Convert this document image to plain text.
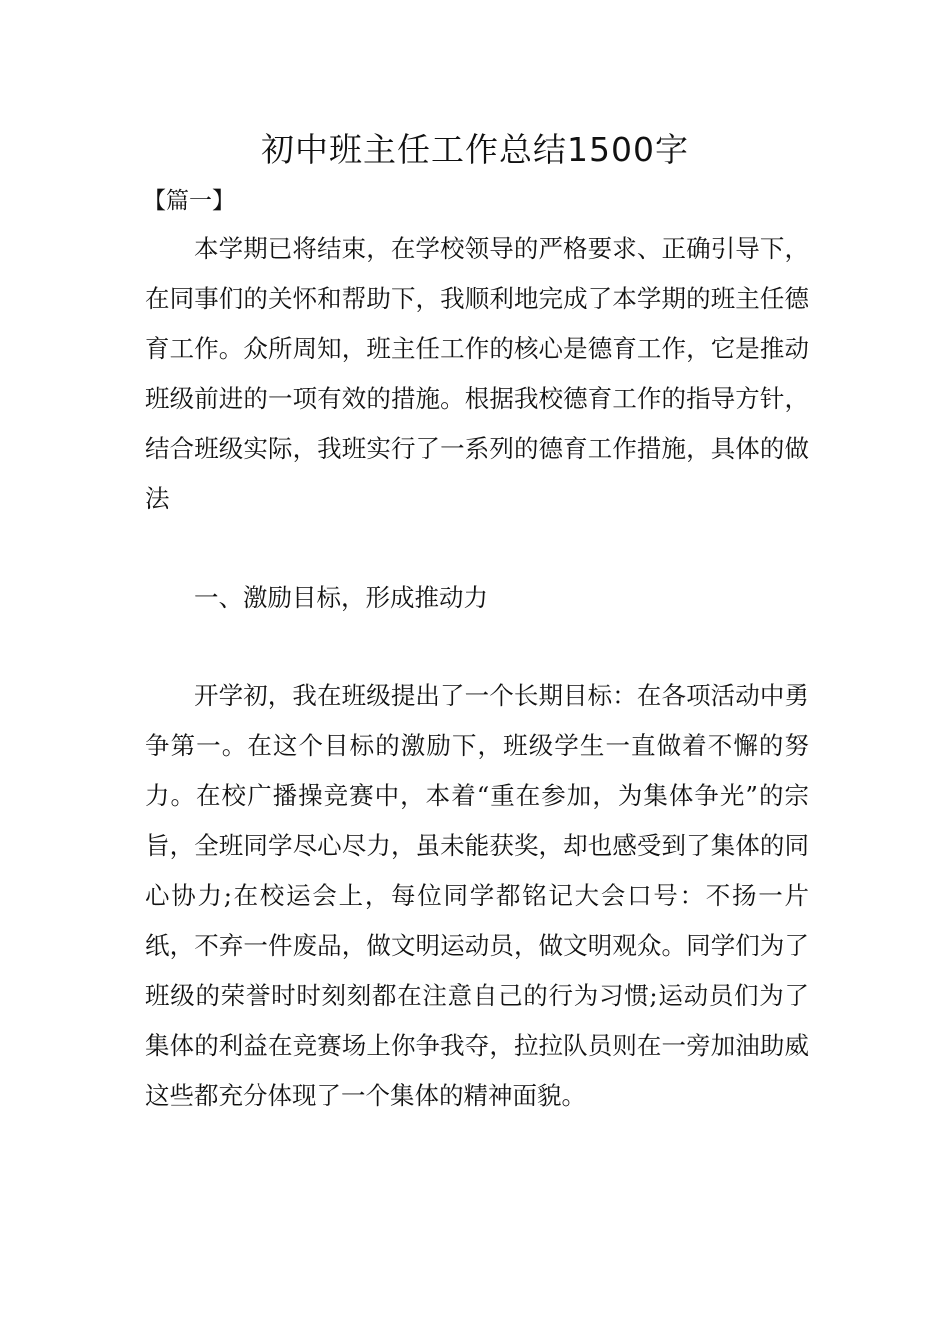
初中班主任工作总结1500字

【篇一】

本学期已将结束，在学校领导的严格要求、正确引导下，在同事们的关怀和帮助下，我顺利地完成了本学期的班主任德育工作。众所周知，班主任工作的核心是德育工作，它是推动班级前进的一项有效的措施。根据我校德育工作的指导方针，结合班级实际，我班实行了一系列的德育工作措施，具体的做法

一、激励目标，形成推动力

开学初，我在班级提出了一个长期目标：在各项活动中勇争第一。在这个目标的激励下，班级学生一直做着不懈的努力。在校广播操竞赛中，本着“重在参加，为集体争光”的宗旨，全班同学尽心尽力，虽未能获奖，却也感受到了集体的同心协力;在校运会上，每位同学都铭记大会口号：不扬一片纸，不弃一件废品，做文明运动员，做文明观众。同学们为了班级的荣誉时时刻刻都在注意自己的行为习惯;运动员们为了集体的利益在竞赛场上你争我夺，拉拉队员则在一旁加油助威这些都充分体现了一个集体的精神面貌。
